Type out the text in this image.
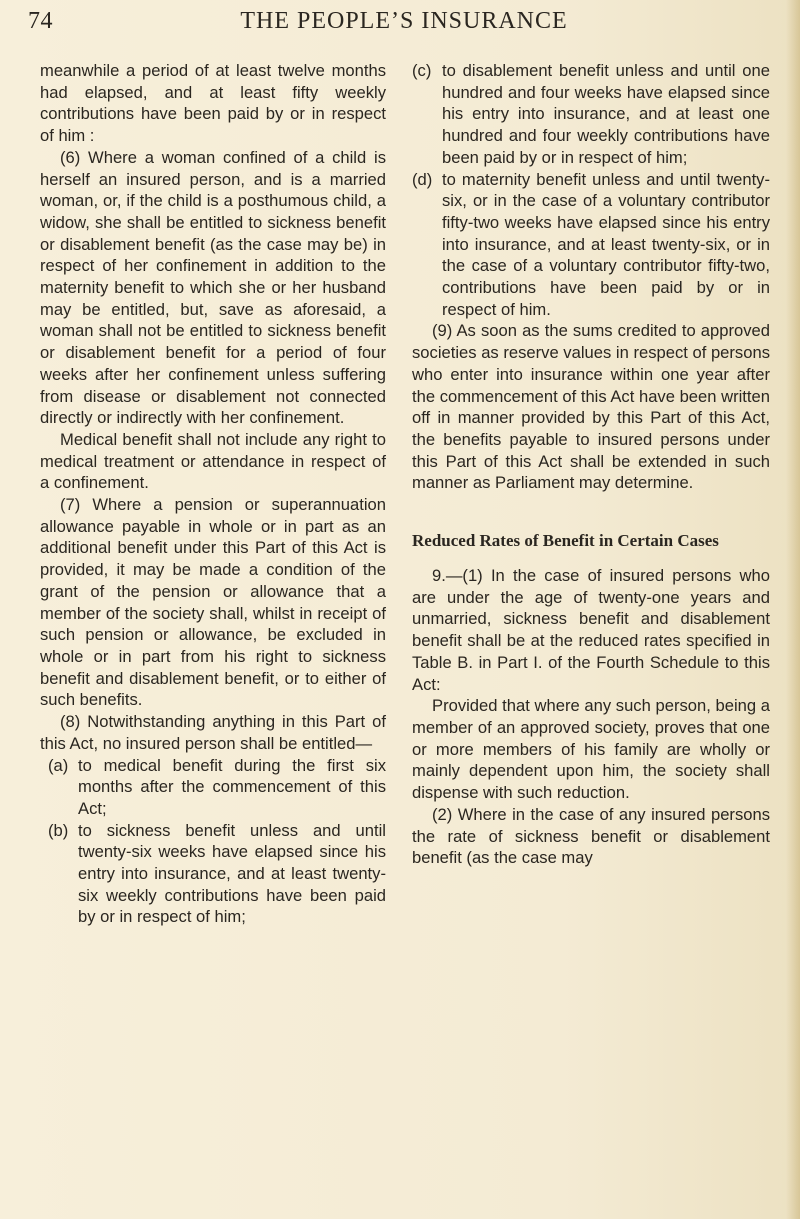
74	THE PEOPLE’S INSURANCE

meanwhile a period of at least twelve months had elapsed, and at least fifty weekly contributions have been paid by or in respect of him :

(6) Where a woman confined of a child is herself an insured person, and is a married woman, or, if the child is a posthumous child, a widow, she shall be entitled to sickness benefit or disablement benefit (as the case may be) in respect of her confinement in addition to the maternity benefit to which she or her husband may be entitled, but, save as aforesaid, a woman shall not be entitled to sickness benefit or disablement benefit for a period of four weeks after her confinement unless suffering from disease or disablement not connected directly or indirectly with her confinement.

Medical benefit shall not include any right to medical treatment or attendance in respect of a confinement.

(7) Where a pension or superannuation allowance payable in whole or in part as an additional benefit under this Part of this Act is provided, it may be made a condition of the grant of the pension or allowance that a member of the society shall, whilst in receipt of such pension or allowance, be excluded in whole or in part from his right to sickness benefit and disablement benefit, or to either of such benefits.

(8) Notwithstanding anything in this Part of this Act, no insured person shall be entitled—

(a) to medical benefit during the first six months after the commencement of this Act;
(b) to sickness benefit unless and until twenty-six weeks have elapsed since his entry into insurance, and at least twenty-six weekly contributions have been paid by or in respect of him;
(c) to disablement benefit unless and until one hundred and four weeks have elapsed since his entry into insurance, and at least one hundred and four weekly contributions have been paid by or in respect of him;
(d) to maternity benefit unless and until twenty-six, or in the case of a voluntary contributor fifty-two weeks have elapsed since his entry into insurance, and at least twenty-six, or in the case of a voluntary contributor fifty-two, contributions have been paid by or in respect of him.

(9) As soon as the sums credited to approved societies as reserve values in respect of persons who enter into insurance within one year after the commencement of this Act have been written off in manner provided by this Part of this Act, the benefits payable to insured persons under this Part of this Act shall be extended in such manner as Parliament may determine.

Reduced Rates of Benefit in Certain Cases

9.—(1) In the case of insured persons who are under the age of twenty-one years and unmarried, sickness benefit and disablement benefit shall be at the reduced rates specified in Table B. in Part I. of the Fourth Schedule to this Act:

Provided that where any such person, being a member of an approved society, proves that one or more members of his family are wholly or mainly dependent upon him, the society shall dispense with such reduction.

(2) Where in the case of any insured persons the rate of sickness benefit or disablement benefit (as the case may
